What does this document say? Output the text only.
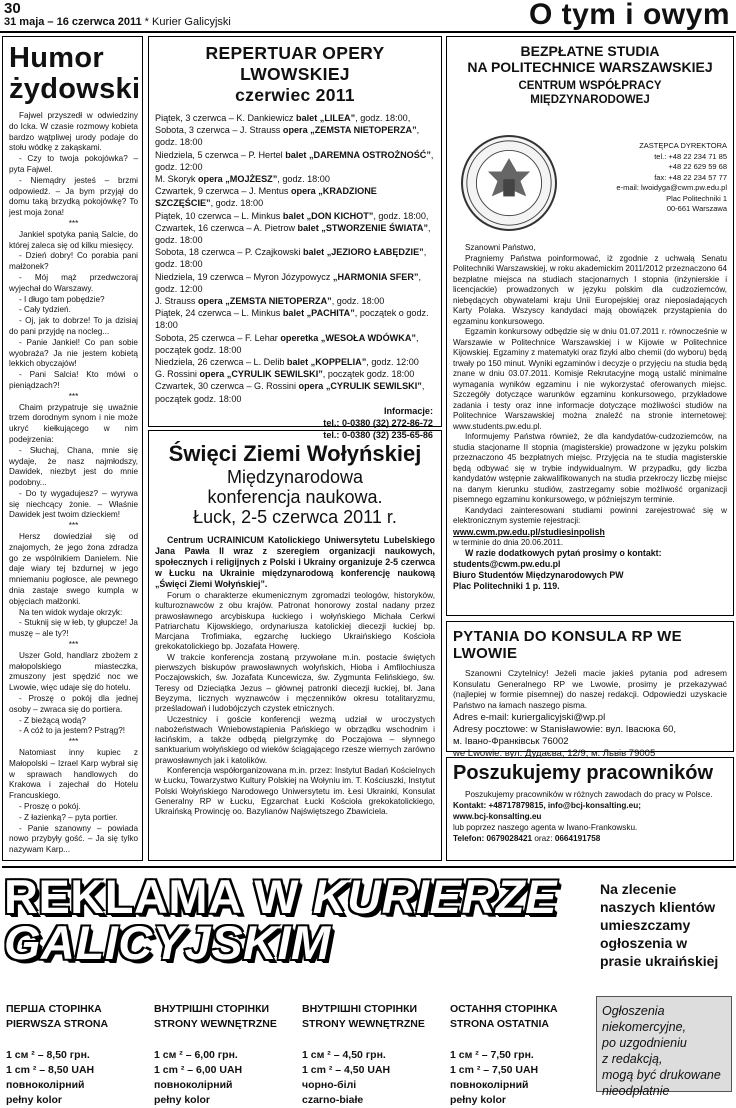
30
31 maja – 16 czerwca 2011 * Kurier Galicyjski	O tym i owym
Humor żydowski

Fajwel przyszedł w odwiedziny do Icka. W czasie rozmowy kobieta bardzo wątpliwej urody podaje do stołu wódkę z zakąskami.

- Czy to twoja pokojówka? – pyta Fajwel.

- Niemądry jesteś – brzmi odpowiedź. – Ja bym przyjął do domu taką brzydką pokojówkę? To jest moja żona!

***

Jankiel spotyka panią Salcie, do której zaleca się od kilku miesięcy.

- Dzień dobry! Co porabia pani małżonek?

- Mój mąż przedwczoraj wyjechał do Warszawy.

- I długo tam pobędzie?

- Cały tydzień.

- Oj, jak to dobrze! To ja dzisiaj do pani przyjdę na nocleg...

- Panie Jankiel! Co pan sobie wyobraża? Ja nie jestem kobietą lekkich obyczajów!

- Pani Salcia! Kto mówi o pieniądzach?!

***

Chaim przypatruje się uważnie trzem dorodnym synom i nie może ukryć kiełkującego w nim podejrzenia:

- Słuchaj, Chana, mnie się wydaje, że nasz najmłodszy, Dawidek, niezbyt jest do mnie podobny...

- Do ty wygadujesz? – wyrywa się niechcący żonie. – Właśnie Dawidek jest twoim dzieckiem!

***

Hersz dowiedział się od znajomych, że jego żona zdradza go ze wspólnikiem Danielem. Nie daje wiary tej bzdurnej w jego mniemaniu pogłosce, ale pewnego dnia zastaje swego kumpla w objęciach małżonki.

Na ten widok wydaje okrzyk:

- Stuknij się w łeb, ty głupcze! Ja muszę – ale ty?!

***

Uszer Gold, handlarz zbożem z małopolskiego miasteczka, zmuszony jest spędzić noc we Lwowie, więc udaje się do hotelu.

- Proszę o pokój dla jednej osoby – zwraca się do portiera.

- Z bieżącą wodą?

- A cóż to ja jestem? Pstrąg?!

***

Natomiast inny kupiec z Małopolski – Izrael Karp wybrał się w sprawach handlowych do Krakowa i zajechał do Hotelu Francuskiego.

- Proszę o pokój.

- Z łazienką? – pyta portier.

- Panie szanowny – powiada nowo przybyły gość. – Ja się tylko nazywam Karp...

REPERTUAR OPERY LWOWSKIEJ
czerwiec 2011
Piątek, 3 czerwca – K. Dankiewicz balet „LILEA”, godz. 18:00,
Sobota, 3 czerwca – J. Strauss opera „ZEMSTA NIETOPERZA”, godz. 18:00
Niedziela, 5 czerwca – P. Hertel balet „DAREMNA OSTROŻNOŚĆ”, godz. 12:00
M. Skoryk opera „MOJŻESZ”, godz. 18:00
Czwartek, 9 czerwca – J. Mentus opera „KRADZIONE SZCZĘŚCIE”, godz. 18:00
Piątek, 10 czerwca – L. Minkus balet „DON KICHOT”, godz. 18:00,
Czwartek, 16 czerwca – A. Pietrow balet „STWORZENIE ŚWIATA”, godz. 18:00
Sobota, 18 czerwca – P. Czajkowski balet „JEZIORO ŁABĘDZIE”, godz. 18:00
Niedziela, 19 czerwca – Myron Józypowycz „HARMONIA SFER”, godz. 12:00
J. Strauss opera „ZEMSTA NIETOPERZA”, godz. 18:00
Piątek, 24 czerwca – L. Minkus balet „PACHITA”, początek o godz. 18:00
Sobota, 25 czerwca – F. Lehar operetka „WESOŁA WDÓWKA”, początek godz. 18:00
Niedziela, 26 czerwca – L. Delib balet „KOPPELIA”, godz. 12:00
G. Rossini opera „CYRULIK SEWILSKI”, początek godz. 18:00
Czwartek, 30 czerwca – G. Rossini opera „CYRULIK SEWILSKI”, początek godz. 18:00
Informacje:
tel.: 0-0380 (32) 272-86-72
tel.: 0-0380 (32) 235-65-86
Święci Ziemi Wołyńskiej
Międzynarodowa
konferencja naukowa.
Łuck, 2-5 czerwca 2011 r.

Centrum UCRAINICUM Katolickiego Uniwersytetu Lubelskiego Jana Pawła II wraz z szeregiem organizacji naukowych, społecznych i religijnych z Polski i Ukrainy organizuje 2-5 czerwca w Łucku na Ukrainie międzynarodową konferencję naukową „Święci Ziemi Wołyńskiej”.

Forum o charakterze ekumenicznym zgromadzi teologów, historyków, kulturoznawców z obu krajów. Patronat honorowy zostal nadany przez prawosławnego arcybiskupa łuckiego i wołyńskiego Michała Cerkwi Patriarchatu Kijowskiego, ordynariusza katolickiej diecezji łuckiej bp. Marcjana Trofimiaka, egzarchę łuckiego Ukraińskiego Kościoła grekokatolickiego bp. Jozafata Howerę.

W trakcie konferencja zostaną przywołane m.in. postacie świętych pierwszych biskupów prawosławnych wołyńskich, Hioba i Amfilochiusza Poczajowskich, św. Jozafata Kuncewicza, św. Zygmunta Felińskiego, św. Teresy od Dzieciątka Jezus – głównej patronki diecezji łuckiej, bł. Jana Beyzyma, licznych wyznawców i męczenników okresu totalitaryzmu, prześladowań i ludobójczych czystek etnicznych.

Uczestnicy i goście konferencji wezmą udział w uroczystych nabożeństwach Wniebowstąpienia Pańskiego w obrządku wschodnim i łacińskim, a także odbędą pielgrzymkę do Poczajowa – słynnego sanktuarium wołyńskiego od wieków ściągającego rzesze wiernych zarówno prawosławnych jak i katolików.

Konferencja współorganizowana m.in. przez: Instytut Badań Kościelnych w Łucku, Towarzystwo Kultury Polskiej na Wołyniu im. T. Kościuszki, Instytut Polski Wołyńskiego Narodowego Uniwersytetu im. Łesi Ukrainki, Konsulat Generalny RP w Łucku, Egzarchat Łucki Kościoła grekokatolickiego, Ukraińską Prowincję oo. Bazylianów Najświętszego Zbawiciela.

BEZPŁATNE STUDIA
NA POLITECHNICE WARSZAWSKIEJ
CENTRUM WSPÓŁPRACY
MIĘDZYNARODOWEJ
ZASTĘPCA DYREKTORA
tel.: +48 22 234 71 85
+48 22 629 59 68
fax: +48 22 234 57 77
e-mail: lwoidyga@cwm.pw.edu.pl
Plac Politechniki 1
00-661 Warszawa

Szanowni Państwo,

Pragniemy Państwa poinformować, iż zgodnie z uchwałą Senatu Politechniki Warszawskiej, w roku akademickim 2011/2012 przeznaczono 64 bezpłatne miejsca na studiach stacjonarnych I stopnia (inżynierskie i licencjackie) prowadzonych w języku polskim dla cudzoziemców, niebędących obywatelami kraju Unii Europejskiej oraz nieposiadających Karty Polaka. Wszyscy kandydaci mają obowiązek przystąpienia do egzaminu konkursowego.

Egzamin konkursowy odbędzie się w dniu 01.07.2011 r. równocześnie w Warszawie w Politechnice Warszawskiej i w Kijowie w Politechnice Kijowskiej. Egzaminy z matematyki oraz fizyki albo chemii (do wyboru) będą trwały po 150 minut. Wyniki egzaminów i decyzje o przyjęciu na studia będą znane w dniu 03.07.2011. Komisje Rekrutacyjne mogą ustalić minimalne wymagania wyników egzaminu i nie wykorzystać oferowanych miejsc. Szczegóły dotyczące warunków egzaminu konkursowego, przykładowe zadania i testy oraz inne informacje dotyczące możliwości studiów na Politechnice Warszawskiej można znaleźć na stronie internetowej: www.students.pw.edu.pl.

Informujemy Państwa również, że dla kandydatów-cudzoziemców, na studia stacjonarne II stopnia (magisterskie) prowadzone w języku polskim przeznaczono 45 bezpłatnych miejsc. Przyjęcia na te studia magisterskie będą odbywać się w trybie indywidualnym. W przypadku, gdy liczba kandydatów wstępnie zakwalifikowanych na studia przekroczy liczbę miejsc na danym kierunku studiów, zastrzegamy sobie możliwość organizacji pisemnego egzaminu konkursowego, w późniejszym terminie.

Kandydaci zainteresowani studiami powinni zarejestrować się w elektronicznym systemie rejestracji:

www.cwm.pw.edu.pl/studiesinpolish

w terminie do dnia 20.06.2011.

W razie dodatkowych pytań prosimy o kontakt:

students@cwm.pw.edu.pl

Biuro Studentów Międzynarodowych PW

Plac Politechniki 1 p. 119.

PYTANIA DO KONSULA RP WE LWOWIE

Szanowni Czytelnicy! Jeżeli macie jakieś pytania pod adresem Konsulatu Generalnego RP we Lwowie, prosimy je przekazywać (najlepiej w formie pisemnej) do naszej redakcji. Odpowiedzi uzyskacie Państwo na łamach naszego pisma.

Adres e-mail: kuriergalicyjski@wp.pl
Adresy pocztowe: w Stanisławowie: вул. Івасюка 60,
м. Івано-Франківськ 76002
we Lwowie: вул. Дудаєва, 12/9, м. Львів 79005
Poszukujemy pracowników
Poszukujemy pracowników w różnych zawodach do pracy w Polsce.
Kontakt: +48717879815, info@bcj-konsalting.eu;
www.bcj-konsalting.eu
lub poprzez naszego agenta w Iwano-Frankowsku.
Telefon: 0679028421 oraz: 0664191758
REKLAMA W KURIERZE
GALICYJSKIM
Na zlecenie
naszych klientów
umieszczamy
ogłoszenia w
prasie ukraińskiej
ПЕРША СТОРІНКА
PIERWSZA STRONA
1 см ² – 8,50 грн.
1 cm ² – 8,50 UAH
повноколірний
pełny kolor
ВНУТРІШНІ СТОРІНКИ
STRONY WEWNĘTRZNE
1 см ² – 6,00 грн.
1 cm ² – 6,00 UAH
повноколірний
pełny kolor
ВНУТРІШНІ СТОРІНКИ
STRONY WEWNĘTRZNE
1 см ² – 4,50 грн.
1 cm ² – 4,50 UAH
чорно-білі
czarno-białe
ОСТАННЯ СТОРІНКА
STRONA OSTATNIA
1 см ² – 7,50 грн.
1 cm ² – 7,50 UAH
повноколірний
pełny kolor
Ogłoszenia
niekomercyjne,
po uzgodnieniu
z redakcją,
mogą być drukowane
nieodpłatnie
